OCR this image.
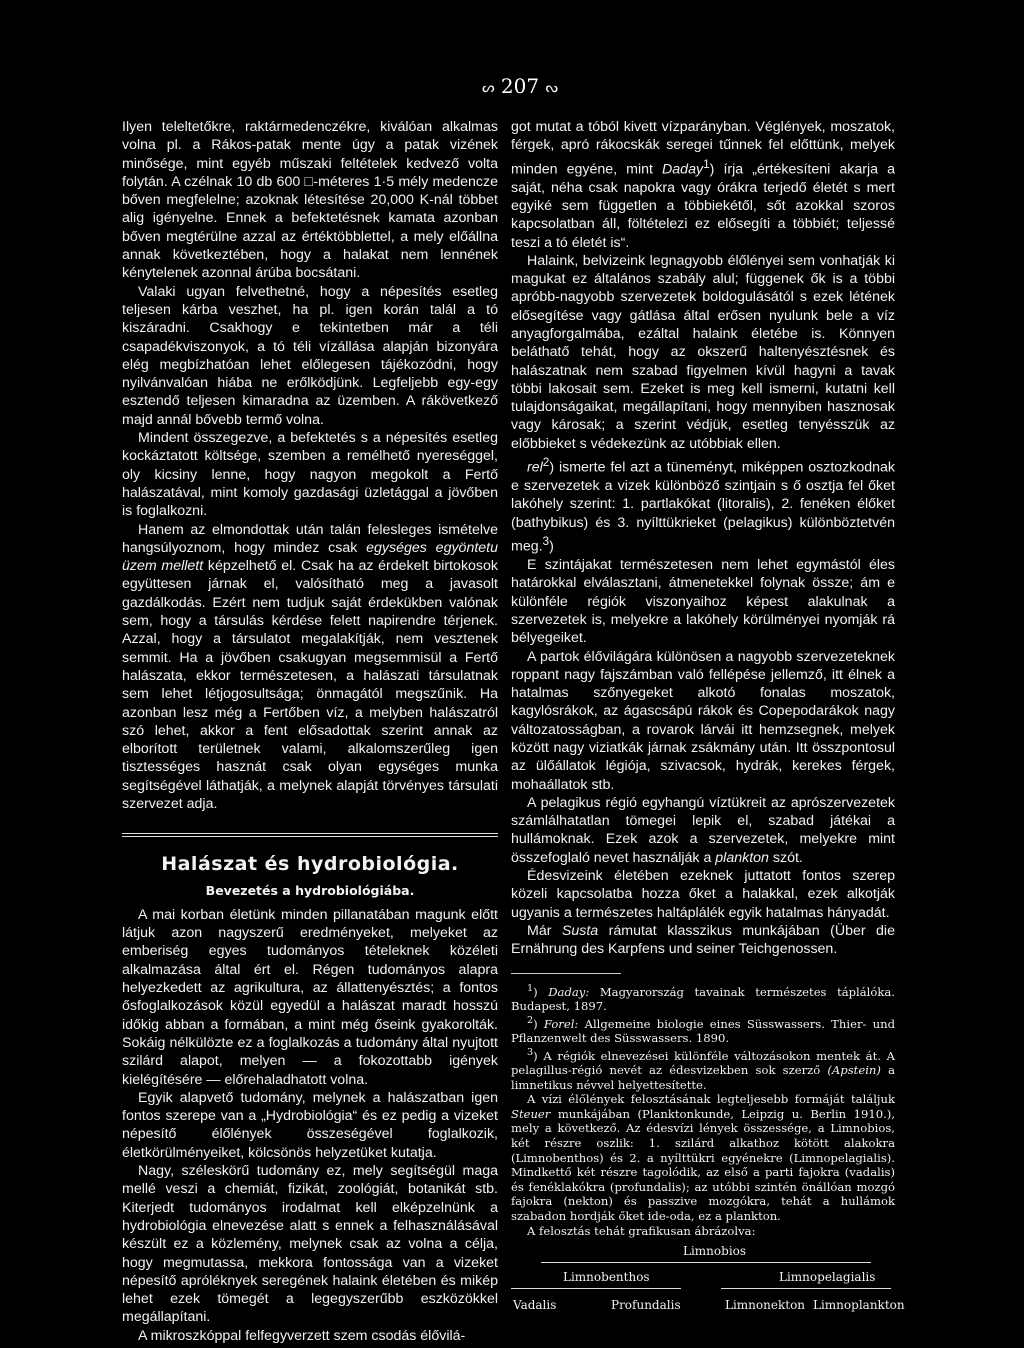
ᔕ 207 ᔓ

Ilyen teleltetőkre, raktármedenczékre, kiválóan alkalmas volna pl. a Rákos-patak mente úgy a patak vizének minősége, mint egyéb műszaki feltételek kedvező volta folytán. A czélnak 10 db 600 □-méteres 1·5 mély medencze bőven megfelelne; azoknak létesítése 20,000 K-nál többet alig igényelne. Ennek a befektetésnek kamata azonban bőven megtérülne azzal az értéktöbblettel, a mely előállna annak következtében, hogy a halakat nem lennének kénytelenek azonnal árúba bocsátani.

Valaki ugyan felvethetné, hogy a népesítés esetleg teljesen kárba veszhet, ha pl. igen korán talál a tó kiszáradni. Csakhogy e tekintetben már a téli csapadékviszonyok, a tó téli vízállása alapján bizonyára elég megbízhatóan lehet előlegesen tájékozódni, hogy nyilvánvalóan hiába ne erőlködjünk. Legfeljebb egy-egy esztendő teljesen kimaradna az üzemben. A rákövetkező majd annál bővebb termő volna.

Mindent összegezve, a befektetés s a népesítés esetleg kockáztatott költsége, szemben a remélhető nyereséggel, oly kicsiny lenne, hogy nagyon megokolt a Fertő halászatával, mint komoly gazdasági üzletággal a jövőben is foglalkozni.

Hanem az elmondottak után talán felesleges ismételve hangsúlyoznom, hogy mindez csak egységes egyöntetu üzem mellett képzelhető el. Csak ha az érdekelt birtokosok együttesen járnak el, valósítható meg a javasolt gazdálkodás. Ezért nem tudjuk saját érdekükben valónak sem, hogy a társulás kérdése felett napirendre térjenek. Azzal, hogy a társulatot megalakítják, nem vesztenek semmit. Ha a jövőben csakugyan megsemmisül a Fertő halászata, ekkor természetesen, a halászati társulatnak sem lehet létjogosultsága; önmagától megszűnik. Ha azonban lesz még a Fertőben víz, a melyben halászatról szó lehet, akkor a fent elősadottak szerint annak az elborított területnek valami, alkalomszerűleg igen tisztességes hasznát csak olyan egységes munka segítségével láthatják, a melynek alapját törvényes társulati szervezet adja.

Halászat és hydrobiológia.
Bevezetés a hydrobiológiába.

A mai korban életünk minden pillanatában magunk előtt látjuk azon nagyszerű eredményeket, melyeket az emberiség egyes tudományos tételeknek közéleti alkalmazása által ért el. Régen tudományos alapra helyezkedett az agrikultura, az állattenyésztés; a fontos ősfoglalkozások közül egyedül a halászat maradt hosszú időkig abban a formában, a mint még őseink gyakorolták. Sokáig nélkülözte ez a foglalkozás a tudomány által nyujtott szilárd alapot, melyen — a fokozottabb igények kielégítésére — előrehaladhatott volna.

Egyik alapvető tudomány, melynek a halászatban igen fontos szerepe van a „Hydrobiológia“ és ez pedig a vizeket népesítő élőlények összeségével foglalkozik, életkörülményeiket, kölcsönös helyzetüket kutatja.

Nagy, széleskörű tudomány ez, mely segítségül maga mellé veszi a chemiát, fizikát, zoológiát, botanikát stb. Kiterjedt tudományos irodalmat kell elképzelnünk a hydrobiológia elnevezése alatt s ennek a felhasználásával készült ez a közlemény, melynek csak az volna a célja, hogy megmutassa, mekkora fontossága van a vizeket népesítő apróléknyek seregének halaink életében és mikép lehet ezek tömegét a legegyszerűbb eszközökkel megállapítani.

A mikroszkóppal felfegyverzett szem csodás élővilá-

got mutat a tóból kivett vízparányban. Véglények, moszatok, férgek, apró rákocskák seregei tűnnek fel előttünk, melyek minden egyéne, mint Daday$^1$) írja „értékesíteni akarja a saját, néha csak napokra vagy órákra terjedő életét s mert egyiké sem független a többiekétől, sőt azokkal szoros kapcsolatban áll, föltételezi ez elősegíti a többiét; teljessé teszi a tó életét is“.

Halaink, belvizeink legnagyobb élőlényei sem vonhatják ki magukat ez általános szabály alul; függenek ők is a többi apróbb-nagyobb szervezetek boldogulásától s ezek létének elősegítése vagy gátlása által erősen nyulunk bele a víz anyagforgalmába, ezáltal halaink életébe is. Könnyen beláthatő tehát, hogy az okszerű haltenyésztésnek és halászatnak nem szabad figyelmen kívül hagyni a tavak többi lakosait sem. Ezeket is meg kell ismerni, kutatni kell tulajdonságaikat, megállapítani, hogy mennyiben hasznosak vagy károsak; a szerint védjük, esetleg tenyésszük az előbbieket s védekezünk az utóbbiak ellen.

rel$^2$) ismerte fel azt a tüneményt, miképpen osztozkodnak e szervezetek a vizek különböző szintjain s ő osztja fel őket lakóhely szerint: 1. partlakókat (litoralis), 2. fenéken élőket (bathybikus) és 3. nyílttükrieket (pelagikus) különböztetvén meg.$^3$)

E szintájakat természetesen nem lehet egymástól éles határokkal elválasztani, átmenetekkel folynak össze; ám e különféle régiók viszonyaihoz képest alakulnak a szervezetek is, melyekre a lakóhely körülményei nyomják rá bélyegeiket.

A partok élővilágára különösen a nagyobb szervezeteknek roppant nagy fajszámban való fellépése jellemző, itt élnek a hatalmas szőnyegeket alkotó fonalas moszatok, kagylósrákok, az ágascsápú rákok és Copepodarákok nagy változatosságban, a rovarok lárvái itt hemzsegnek, melyek között nagy viziatkák járnak zsákmány után. Itt összpontosul az ülőállatok légiója, szivacsok, hydrák, kerekes férgek, mohaállatok stb.

A pelagikus régió egyhangú víztükreit az aprószervezetek számlálhatatlan tömegei lepik el, szabad játékai a hullámoknak. Ezek azok a szervezetek, melyekre mint összefoglaló nevet használják a plankton szót.

Édesvizeink életében ezeknek juttatott fontos szerep közeli kapcsolatba hozza őket a halakkal, ezek alkotják ugyanis a természetes haltáplálék egyik hatalmas hányadát.

Már Susta rámutat klasszikus munkájában (Über die Ernährung des Karpfens und seiner Teichgenossen.

$^1$) Daday: Magyarország tavainak természetes táplálóka. Budapest, 1897.

$^2$) Forel: Allgemeine biologie eines Süsswassers. Thier- und Pflanzenwelt des Süsswassers. 1890.

$^3$) A régiók elnevezései különféle változásokon mentek át. A pelagillus-régió nevét az édesvizekben sok szerző (Apstein) a limnetikus névvel helyettesítette.

A vízi élőlények felosztásának legteljesebb formáját találjuk Steuer munkájában (Planktonkunde, Leipzig u. Berlin 1910.), mely a következő. Az édesvízi lények összessége, a Limnobios, két részre oszlik: 1. szilárd alkathoz kötött alakokra (Limnobenthos) és 2. a nyílttükri egyénekre (Limnopelagialis). Mindkettő két részre tagolódik, az első a parti fajokra (vadalis) és fenéklakókra (profundalis); az utóbbi szintén önállóan mozgó fajokra (nekton) és passzive mozgókra, tehát a hullámok szabadon hordják őket ide-oda, ez a plankton.

A felosztás tehát grafikusan ábrázolva:

Limnobios
Limnobenthos	Limnopelagialis
Vadalis	Profundalis	Limnonekton Limnoplankton
